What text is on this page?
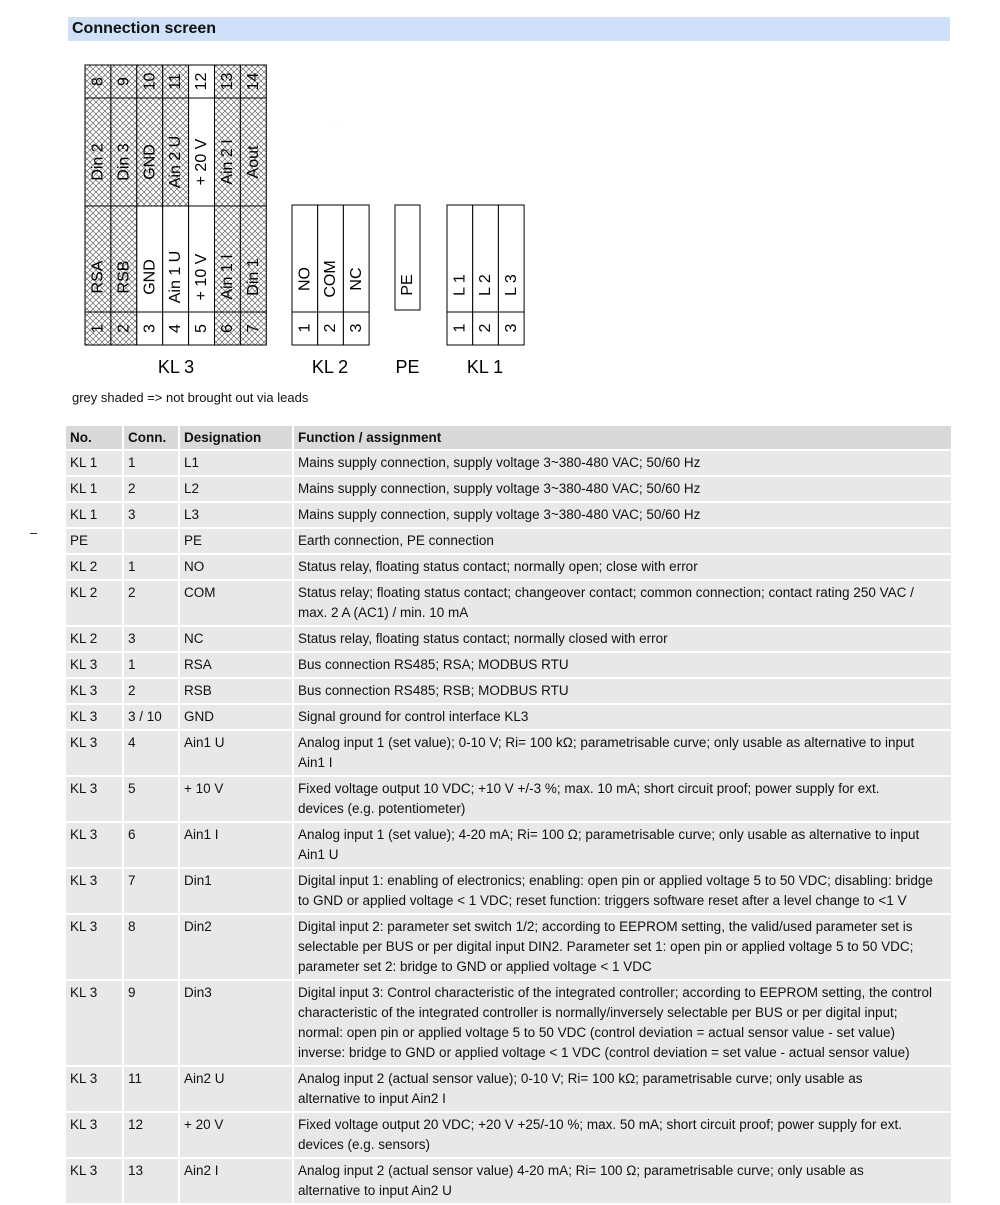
Connection screen
8
Din 2
RSA
1
9
Din 3
RSB
2
10
GND
GND
3
11
Ain 2 U
Ain 1 U
4
12
+ 20 V
+ 10 V
5
13
Ain 2 I
Ain 1 I
6
14
Aout
Din 1
7
KL 3
NO
1
COM
2
NC
3
KL 2
PE
PE
L 1
1
L 2
2
L 3
3
KL 1
·
grey shaded => not brought out via leads
–
No.	Conn.	Designation	Function / assignment
KL 1	1	L1	Mains supply connection, supply voltage 3~380-480 VAC; 50/60 Hz
KL 1	2	L2	Mains supply connection, supply voltage 3~380-480 VAC; 50/60 Hz
KL 1	3	L3	Mains supply connection, supply voltage 3~380-480 VAC; 50/60 Hz
PE		PE	Earth connection, PE connection
KL 2	1	NO	Status relay, floating status contact; normally open; close with error
KL 2	2	COM	Status relay; floating status contact; changeover contact; common connection; contact rating 250 VAC /
max. 2 A (AC1) / min. 10 mA
KL 2	3	NC	Status relay, floating status contact; normally closed with error
KL 3	1	RSA	Bus connection RS485; RSA; MODBUS RTU
KL 3	2	RSB	Bus connection RS485; RSB; MODBUS RTU
KL 3	3 / 10	GND	Signal ground for control interface KL3
KL 3	4	Ain1 U	Analog input 1 (set value); 0-10 V; Ri= 100 kΩ; parametrisable curve; only usable as alternative to input
Ain1 I
KL 3	5	+ 10 V	Fixed voltage output 10 VDC; +10 V +/-3 %; max. 10 mA; short circuit proof; power supply for ext.
devices (e.g. potentiometer)
KL 3	6	Ain1 I	Analog input 1 (set value); 4-20 mA; Ri= 100 Ω; parametrisable curve; only usable as alternative to input
Ain1 U
KL 3	7	Din1	Digital input 1: enabling of electronics; enabling: open pin or applied voltage 5 to 50 VDC; disabling: bridge
to GND or applied voltage < 1 VDC; reset function: triggers software reset after a level change to <1 V
KL 3	8	Din2	Digital input 2: parameter set switch 1/2; according to EEPROM setting, the valid/used parameter set is
selectable per BUS or per digital input DIN2. Parameter set 1: open pin or applied voltage 5 to 50 VDC;
parameter set 2: bridge to GND or applied voltage < 1 VDC
KL 3	9	Din3	Digital input 3: Control characteristic of the integrated controller; according to EEPROM setting, the control
characteristic of the integrated controller is normally/inversely selectable per BUS or per digital input;
normal: open pin or applied voltage 5 to 50 VDC (control deviation = actual sensor value - set value)
inverse: bridge to GND or applied voltage < 1 VDC (control deviation = set value - actual sensor value)
KL 3	11	Ain2 U	Analog input 2 (actual sensor value); 0-10 V; Ri= 100 kΩ; parametrisable curve; only usable as
alternative to input Ain2 I
KL 3	12	+ 20 V	Fixed voltage output 20 VDC; +20 V +25/-10 %; max. 50 mA; short circuit proof; power supply for ext.
devices (e.g. sensors)
KL 3	13	Ain2 I	Analog input 2 (actual sensor value) 4-20 mA; Ri= 100 Ω; parametrisable curve; only usable as
alternative to input Ain2 U
